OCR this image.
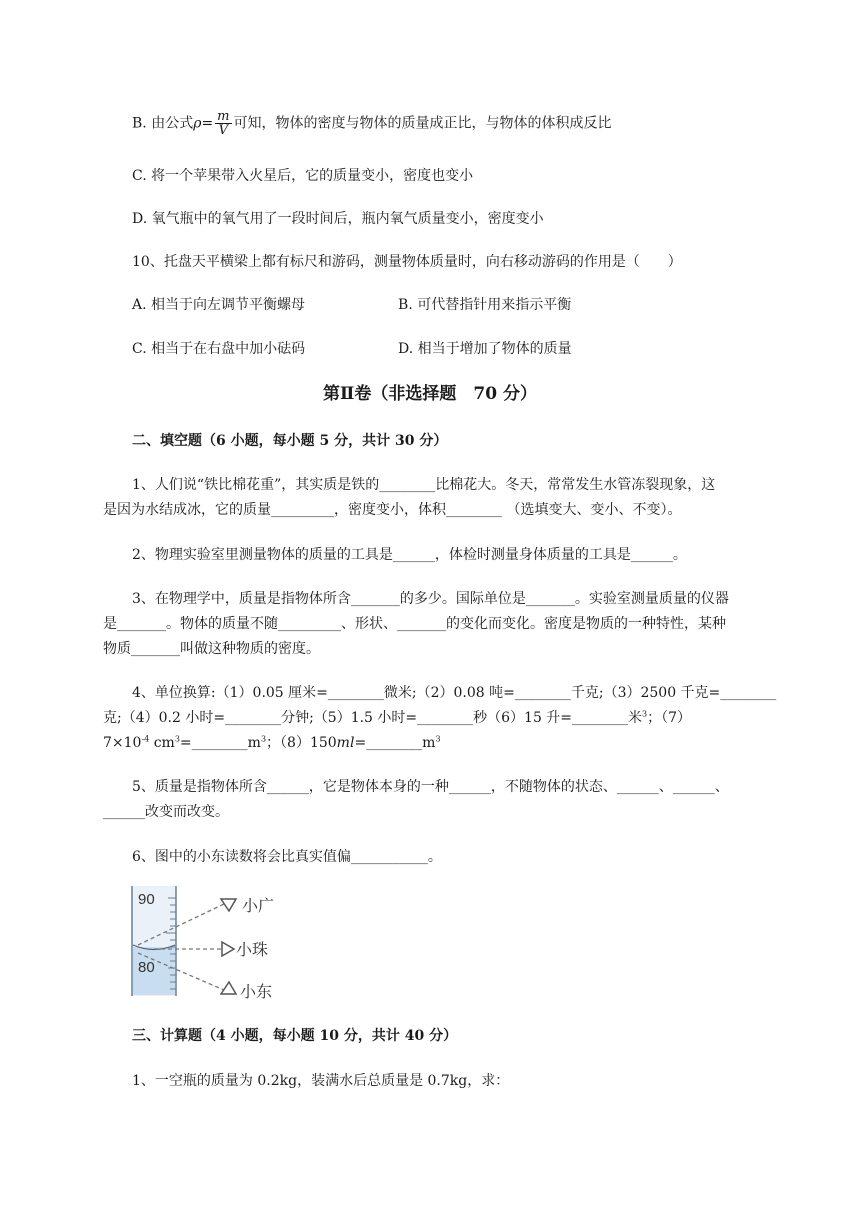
B. 由公式$\rho= \frac{m}{V}$ 可知，物体的密度与物体的质量成正比，与物体的体积成反比
C. 将一个苹果带入火星后，它的质量变小，密度也变小
D. 氧气瓶中的氧气用了一段时间后，瓶内氧气质量变小，密度变小
10、托盘天平横梁上都有标尺和游码，测量物体质量时，向右移动游码的作用是（　　）
A. 相当于向左调节平衡螺母	B. 可代替指针用来指示平衡
C. 相当于在右盘中加小砝码	D. 相当于增加了物体的质量
第Ⅱ卷（非选择题　70 分）
二、填空题（6 小题，每小题 5 分，共计 30 分）
1、人们说“铁比棉花重”，其实质是铁的________比棉花大。冬天，常常发生水管冻裂现象，这
是因为水结成冰，它的质量_________，密度变小，体积________ （选填变大、变小、不变）。
2、物理实验室里测量物体的质量的工具是______，体检时测量身体质量的工具是______。
3、在物理学中，质量是指物体所含_______的多少。国际单位是_______。实验室测量质量的仪器
是_______。物体的质量不随_________、形状、_______的变化而变化。密度是物质的一种特性，某种
物质_______叫做这种物质的密度。
4、单位换算:（1）0.05 厘米=________微米;（2）0.08 吨=________千克;（3）2500 千克=________
克;（4）0.2 小时=________分钟;（5）1.5 小时=________秒（6）15 升=________米$^3$；（7）
$7\times 10^{-4}$ $cm^3=\_\_\_\_\_\_\_\_m^3$；$(8)150ml=\_\_\_\_\_\_\_\_m^3$
5、质量是指物体所含______，它是物体本身的一种______，不随物体的状态、______、______、
______改变而改变。
6、图中的小东读数将会比真实值偏___________。
90
80
小广
小珠
小东
三、计算题（4 小题，每小题 10 分，共计 40 分）
1、一空瓶的质量为 0.2kg，装满水后总质量是 0.7kg，求：
